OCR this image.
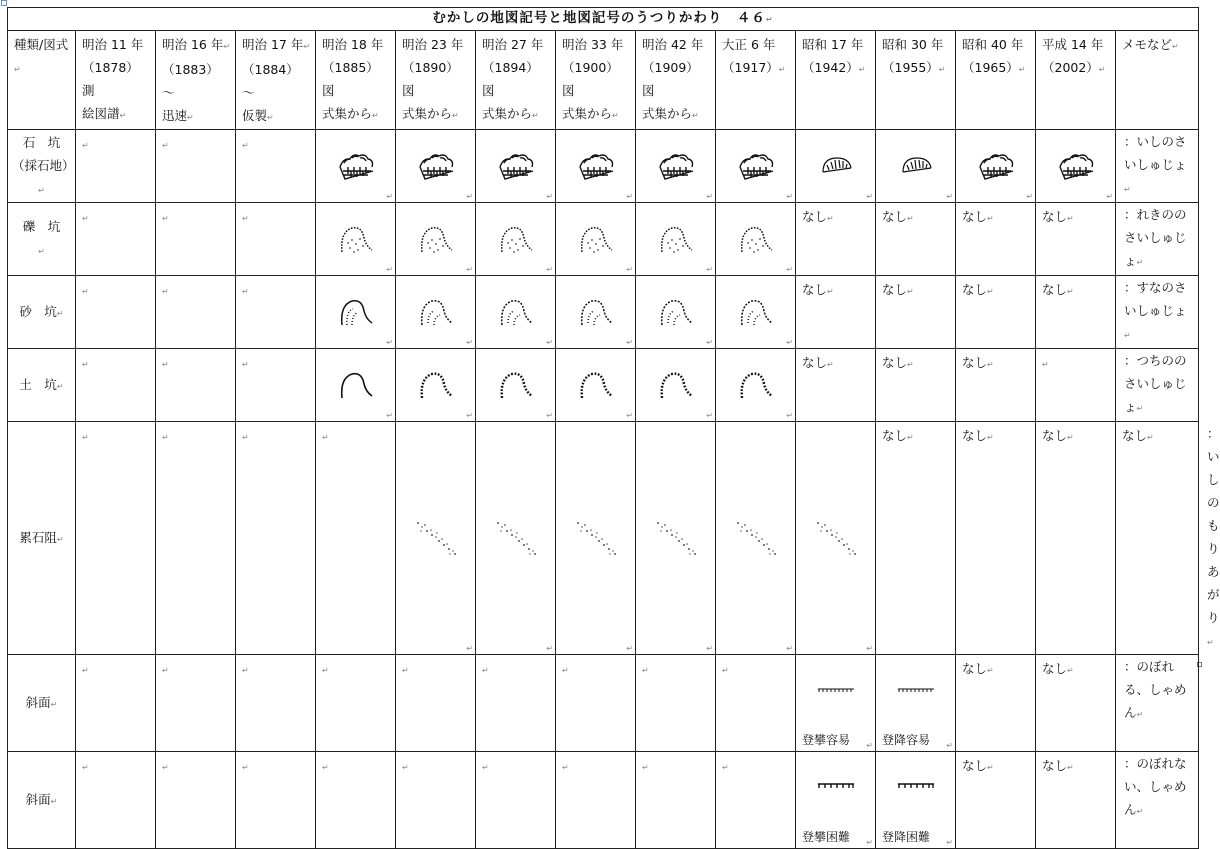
むかしの地図記号と地図記号のうつりかわり　４６↵															
種類/図式↵	明治 11 年
（1878）測
絵図譜↵	明治 16 年↵
（1883）～
迅速↵	明治 17 年↵
（1884）～
仮製↵	明治 18 年
（1885）図
式集から↵	明治 23 年
（1890）図
式集から↵	明治 27 年
（1894）図
式集から↵	明治 33 年
（1900）図
式集から↵	明治 42 年
（1909）図
式集から↵	大正 6 年
（1917）↵	昭和 17 年
（1942）↵	昭和 30 年
（1955）↵	昭和 40 年
（1965）↵	平成 14 年
（2002）↵	メモなど↵	
石　坑（採石地）↵	↵	↵	↵	↵	↵	↵	↵	↵	↵	↵	↵	↵	↵	：いしのさいしゅじょ↵	
礫　坑
↵	↵	↵	↵	↵	↵	↵	↵	↵	↵	なし↵	なし↵	なし↵	なし↵	：れきののさいしゅじょ↵	
砂　坑↵	↵	↵	↵	↵	↵	↵	↵	↵	↵	なし↵	なし↵	なし↵	なし↵	：すなのさいしゅじょ↵	
土　坑↵	↵	↵	↵	↵	↵	↵	↵	↵	↵	なし↵	なし↵	なし↵	↵	：つちののさいしゅじょ↵	
累石阻↵	↵	↵	↵	↵	↵	↵	↵	↵	↵	↵	なし↵	なし↵	なし↵	なし↵	：いしのもりあがり↵
斜面↵	↵	↵	↵	↵	↵	↵	↵	↵	↵	登攀容易 ↵	登降容易 ↵	なし↵	なし↵	：のぼれる、しゃめん↵	
斜面↵	↵	↵	↵	↵	↵	↵	↵	↵	↵	登攀困難 ↵	登降困難 ↵	なし↵	なし↵	：のぼれない、しゃめん↵	
